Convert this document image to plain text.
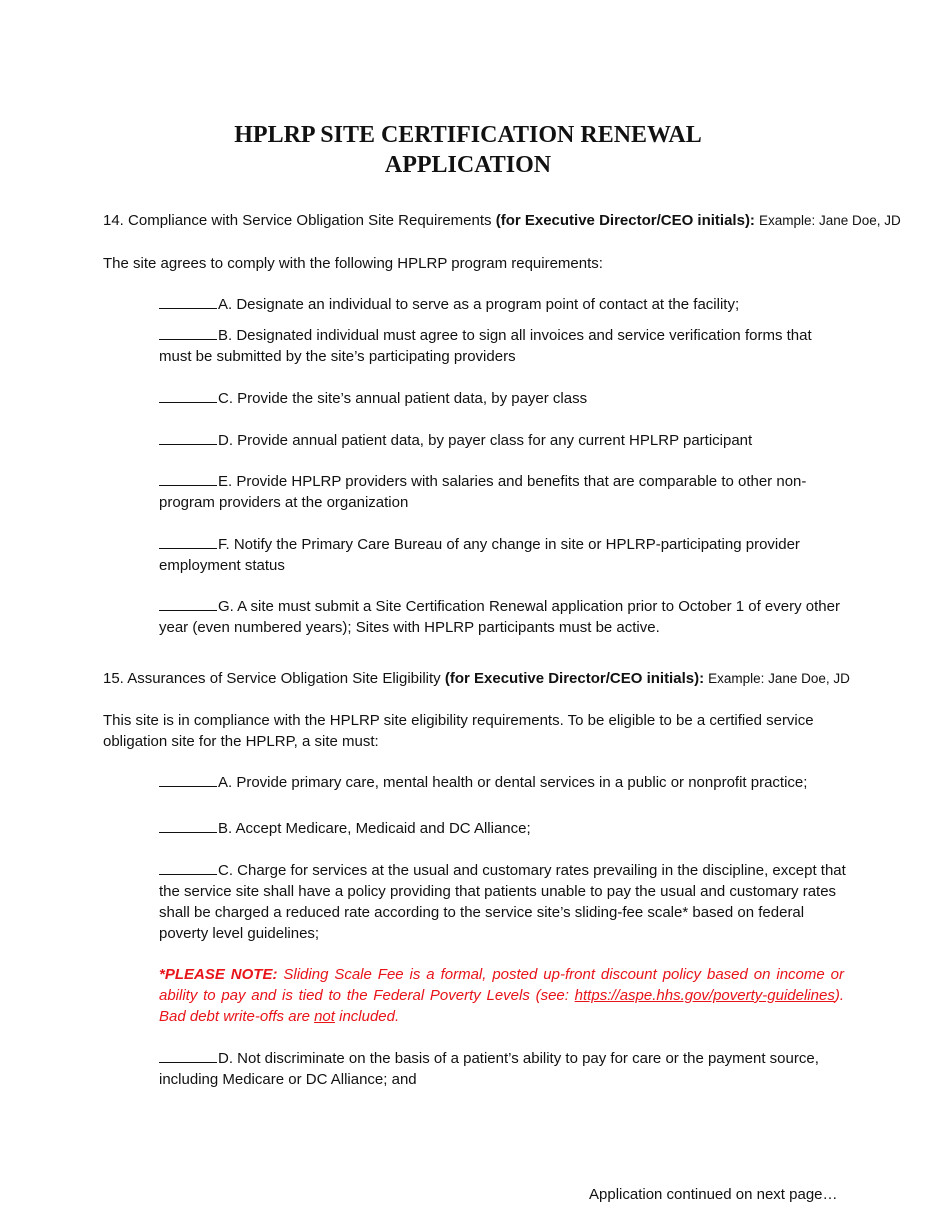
HPLRP SITE CERTIFICATION RENEWAL
APPLICATION

14. Compliance with Service Obligation Site Requirements (for Executive Director/CEO initials): Example: Jane Doe, JD

The site agrees to comply with the following HPLRP program requirements:

A. Designate an individual to serve as a program point of contact at the facility;

B. Designated individual must agree to sign all invoices and service verification forms that must be submitted by the site’s participating providers

C. Provide the site’s annual patient data, by payer class

D. Provide annual patient data, by payer class for any current HPLRP participant

E. Provide HPLRP providers with salaries and benefits that are comparable to other non-program providers at the organization

F. Notify the Primary Care Bureau of any change in site or HPLRP-participating provider employment status

G. A site must submit a Site Certification Renewal application prior to October 1 of every other year (even numbered years); Sites with HPLRP participants must be active.

15. Assurances of Service Obligation Site Eligibility (for Executive Director/CEO initials): Example: Jane Doe, JD

This site is in compliance with the HPLRP site eligibility requirements. To be eligible to be a certified service obligation site for the HPLRP, a site must:

A. Provide primary care, mental health or dental services in a public or nonprofit practice;

B. Accept Medicare, Medicaid and DC Alliance;

C. Charge for services at the usual and customary rates prevailing in the discipline, except that the service site shall have a policy providing that patients unable to pay the usual and customary rates shall be charged a reduced rate according to the service site’s sliding-fee scale* based on federal poverty level guidelines;

*PLEASE NOTE: Sliding Scale Fee is a formal, posted up-front discount policy based on income or ability to pay and is tied to the Federal Poverty Levels (see: https://aspe.hhs.gov/poverty-guidelines). Bad debt write-offs are not included.

D. Not discriminate on the basis of a patient’s ability to pay for care or the payment source, including Medicare or DC Alliance; and

Application continued on next page…
